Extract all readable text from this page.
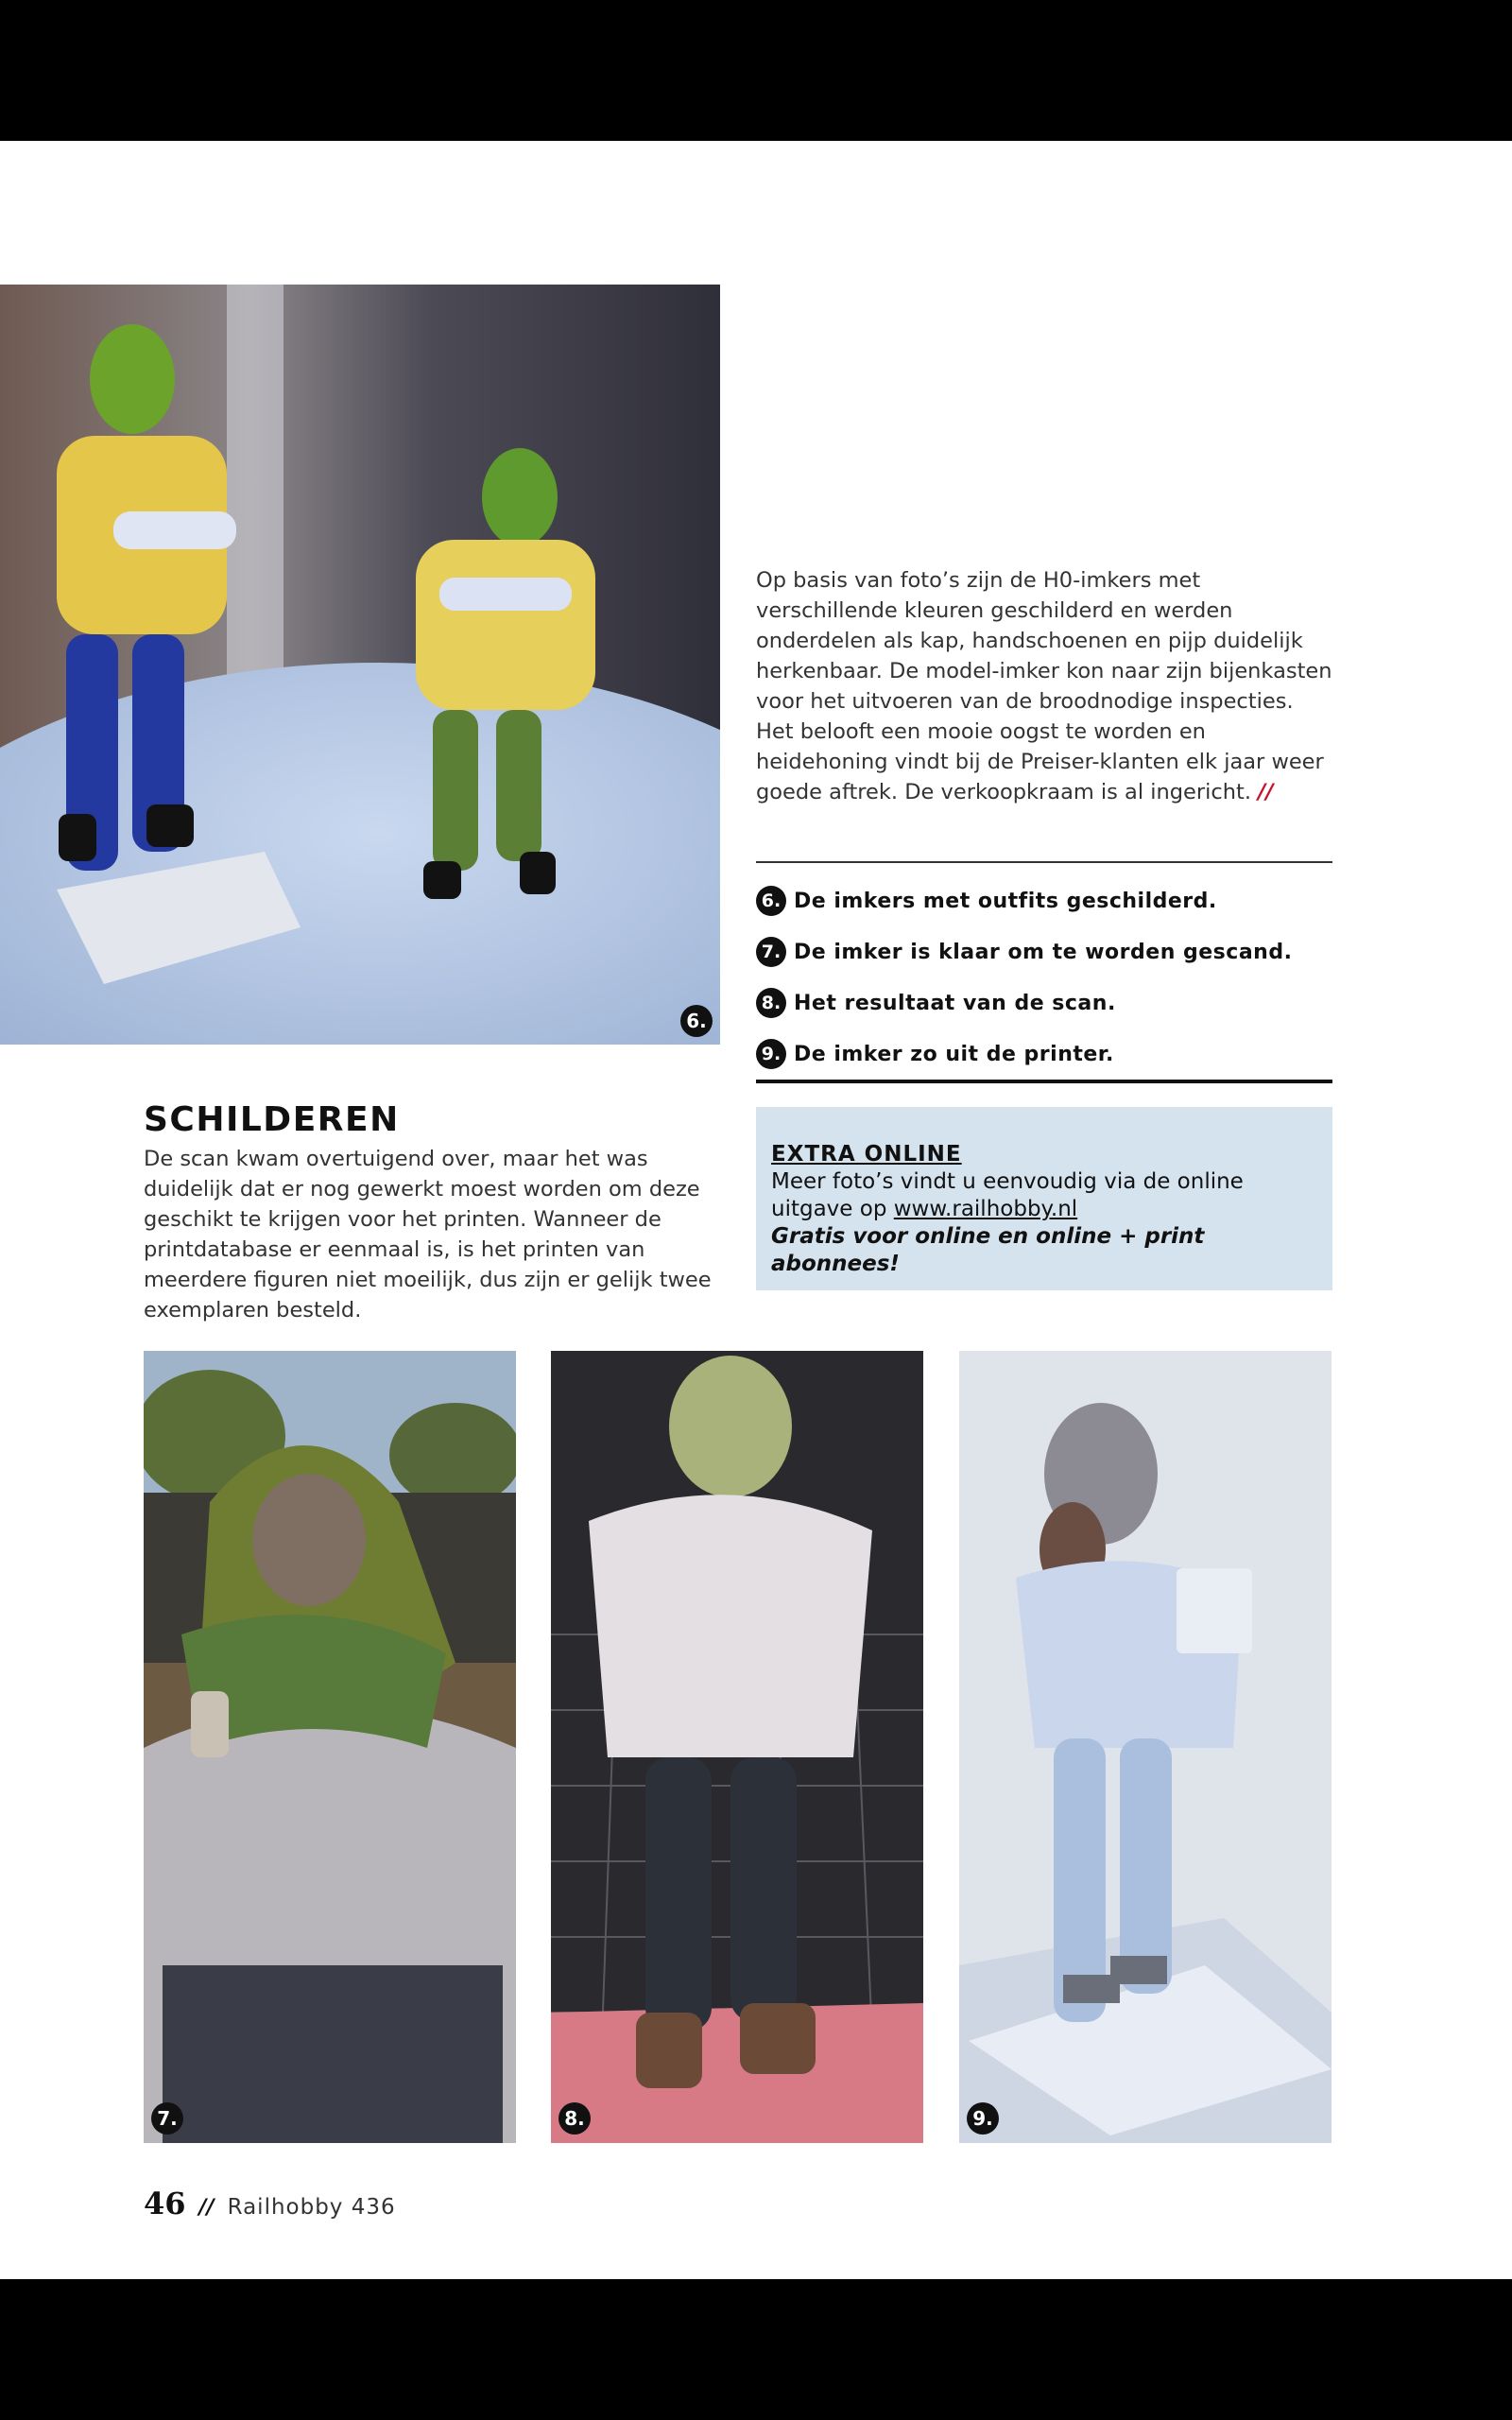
6.
Op basis van foto’s zijn de H0-imkers met verschillende kleuren geschilderd en werden onderdelen als kap, handschoenen en pijp duidelijk herkenbaar. De model-imker kon naar zijn bijenkasten voor het uitvoeren van de broodnodige inspecties. Het belooft een mooie oogst te worden en heidehoning vindt bij de Preiser-klanten elk jaar weer goede aftrek. De verkoopkraam is al ingericht. //
6. De imkers met outfits geschilderd.
7. De imker is klaar om te worden gescand.
8. Het resultaat van de scan.
9. De imker zo uit de printer.
SCHILDEREN
De scan kwam overtuigend over, maar het was duidelijk dat er nog gewerkt moest worden om deze geschikt te krijgen voor het printen. Wanneer de printdatabase er eenmaal is, is het printen van meerdere figuren niet moeilijk, dus zijn er gelijk twee exemplaren besteld.
EXTRA ONLINE
Meer foto’s vindt u eenvoudig via de online
uitgave op www.railhobby.nl
Gratis voor online en online + print abonnees!
7.	8.	9.
46 // Railhobby 436
